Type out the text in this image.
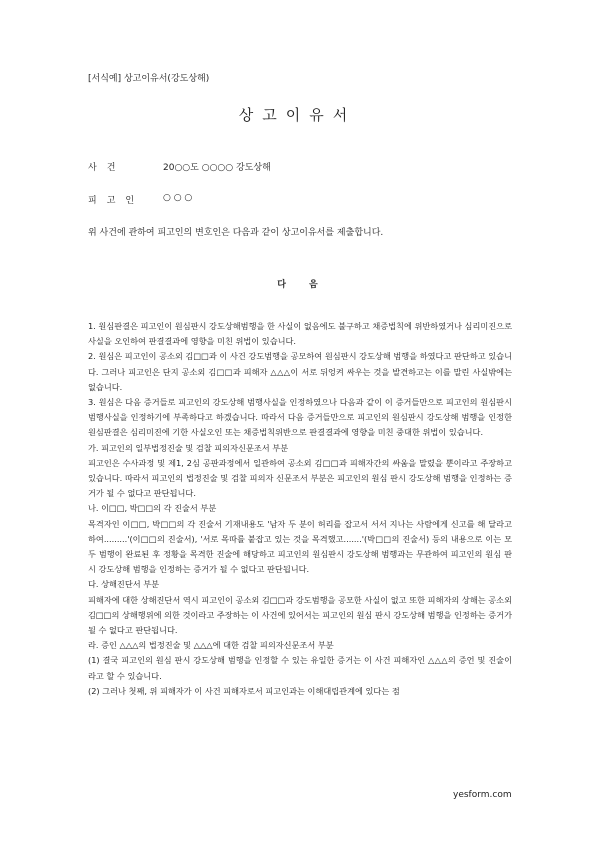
[서식예] 상고이유서(강도상해)
상고이유서
사건	20○○도 ○○○○ 강도상해
피고인 ○ ○ ○
위 사건에 관하여 피고인의 변호인은 다음과 같이 상고이유서를 제출합니다.
다 음

1. 원심판결은 피고인이 원심판시 강도상해범행을 한 사실이 없음에도 불구하고 채증법칙에 위반하였거나 심리미진으로 사실을 오인하여 판결결과에 영향을 미친 위법이 있습니다.

2. 원심은 피고인이 공소외 김□□과 이 사건 강도범행을 공모하여 원심판시 강도상해 범행을 하였다고 판단하고 있습니다. 그러나 피고인은 단지 공소외 김□□과 피해자 △△△이 서로 뒤엉켜 싸우는 것을 발견하고는 이를 말린 사실밖에는 없습니다.

3. 원심은 다음 증거들로 피고인의 강도상해 범행사실을 인정하였으나 다음과 같이 이 증거들만으로 피고인의 원심판시 범행사실을 인정하기에 부족하다고 하겠습니다. 따라서 다음 증거들만으로 피고인의 원심판시 강도상해 범행을 인정한 원심판결은 심리미진에 기한 사실오인 또는 채증법칙위반으로 판결결과에 영향을 미친 중대한 위법이 있습니다.

가. 피고인의 일부법정진술 및 검찰 피의자신문조서 부분

피고인은 수사과정 및 제1, 2심 공판과정에서 일관하여 공소외 김□□과 피해자간의 싸움을 말렸을 뿐이라고 주장하고 있습니다. 따라서 피고인의 법정진술 및 검찰 피의자 신문조서 부분은 피고인의 원심 판시 강도상해 범행을 인정하는 증거가 될 수 없다고 판단됩니다.

나. 이□□, 박□□의 각 진술서 부분

목격자인 이□□, 박□□의 각 진술서 기재내용도 '남자 두 분이 허리를 잡고서 서서 지나는 사람에게 신고를 해 달라고 하여.........'(이□□의 진술서), '서로 목따를 붙잡고 있는 것을 목격했고.......'(박□□의 진술서) 등의 내용으로 이는 모두 범행이 완료된 후 정황을 목격한 진술에 해당하고 피고인의 원심판시 강도상해 범행과는 무관하여 피고인의 원심 판시 강도상해 범행을 인정하는 증거가 될 수 없다고 판단됩니다.

다. 상해진단서 부분

피해자에 대한 상해진단서 역시 피고인이 공소외 김□□과 강도범행을 공모한 사실이 없고 또한 피해자의 상해는 공소외 김□□의 상해행위에 의한 것이라고 주장하는 이 사건에 있어서는 피고인의 원심 판시 강도상해 범행을 인정하는 증거가 될 수 없다고 판단됩니다.

라. 증인 △△△의 법정진술 및 △△△에 대한 검찰 피의자신문조서 부분

(1) 결국 피고인의 원심 판시 강도상해 범행을 인정할 수 있는 유일한 증거는 이 사건 피해자인 △△△의 증언 및 진술이라고 할 수 있습니다.

(2) 그러나 첫째, 위 피해자가 이 사건 피해자로서 피고인과는 이해대립관계에 있다는 점

yesform.com
